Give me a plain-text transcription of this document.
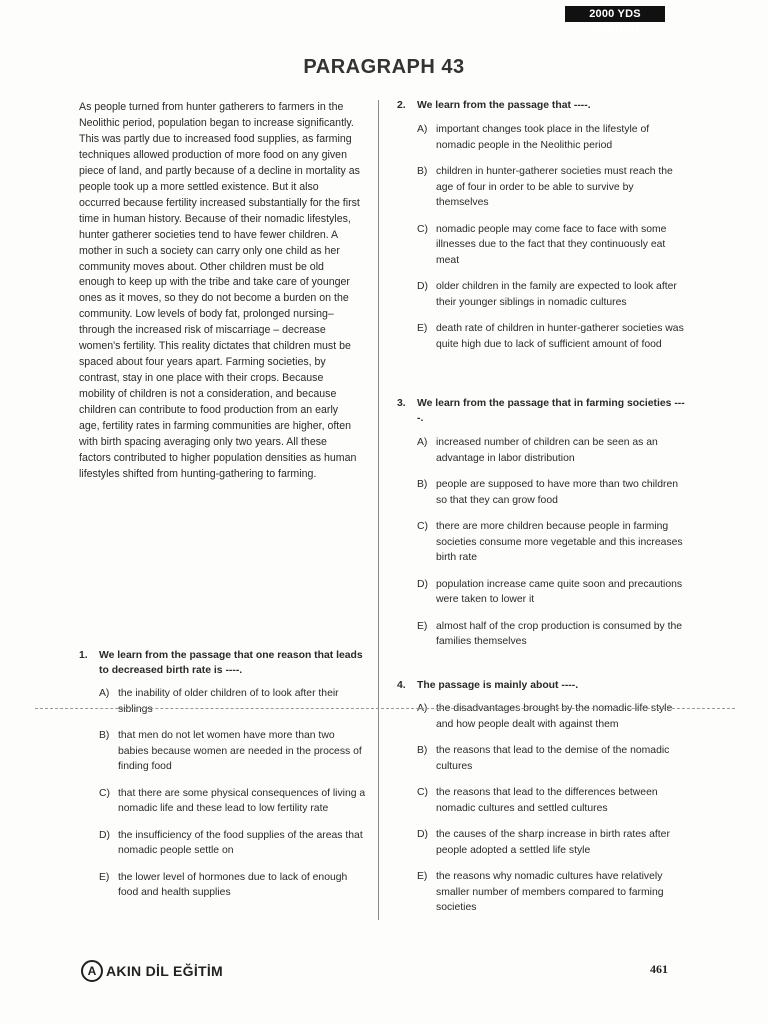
2000 YDS SORUSU
PARAGRAPH 43
As people turned from hunter gatherers to farmers in the Neolithic period, population began to increase significantly. This was partly due to increased food supplies, as farming techniques allowed production of more food on any given piece of land, and partly because of a decline in mortality as people took up a more settled existence. But it also occurred because fertility increased substantially for the first time in human history. Because of their nomadic lifestyles, hunter gatherer societies tend to have fewer children. A mother in such a society can carry only one child as her community moves about. Other children must be old enough to keep up with the tribe and take care of younger ones as it moves, so they do not become a burden on the community. Low levels of body fat, prolonged nursing– through the increased risk of miscarriage – decrease women's fertility. This reality dictates that children must be spaced about four years apart. Farming societies, by contrast, stay in one place with their crops. Because mobility of children is not a consideration, and because children can contribute to food production from an early age, fertility rates in farming communities are higher, often with birth spacing averaging only two years. All these factors contributed to higher population densities as human lifestyles shifted from hunting-gathering to farming.
1.	We learn from the passage that one reason that leads to decreased birth rate is ----.
A) the inability of older children of to look after their siblings
B) that men do not let women have more than two babies because women are needed in the process of finding food
C) that there are some physical consequences of living a nomadic life and these lead to low fertility rate
D) the insufficiency of the food supplies of the areas that nomadic people settle on
E) the lower level of hormones due to lack of enough food and health supplies
2.	We learn from the passage that ----.
A) important changes took place in the lifestyle of nomadic people in the Neolithic period
B) children in hunter-gatherer societies must reach the age of four in order to be able to survive by themselves
C) nomadic people may come face to face with some illnesses due to the fact that they continuously eat meat
D) older children in the family are expected to look after their younger siblings in nomadic cultures
E) death rate of children in hunter-gatherer societies was quite high due to lack of sufficient amount of food
3.	We learn from the passage that in farming societies ----.
A) increased number of children can be seen as an advantage in labor distribution
B) people are supposed to have more than two children so that they can grow food
C) there are more children because people in farming societies consume more vegetable and this increases birth rate
D) population increase came quite soon and precautions were taken to lower it
E) almost half of the crop production is consumed by the families themselves
4.	The passage is mainly about ----.
A) the disadvantages brought by the nomadic life style and how people dealt with against them
B) the reasons that lead to the demise of the nomadic cultures
C) the reasons that lead to the differences between nomadic cultures and settled cultures
D) the causes of the sharp increase in birth rates after people adopted a settled life style
E) the reasons why nomadic cultures have relatively smaller number of members compared to farming societies
A AKIN DİL EĞİTİM	461
